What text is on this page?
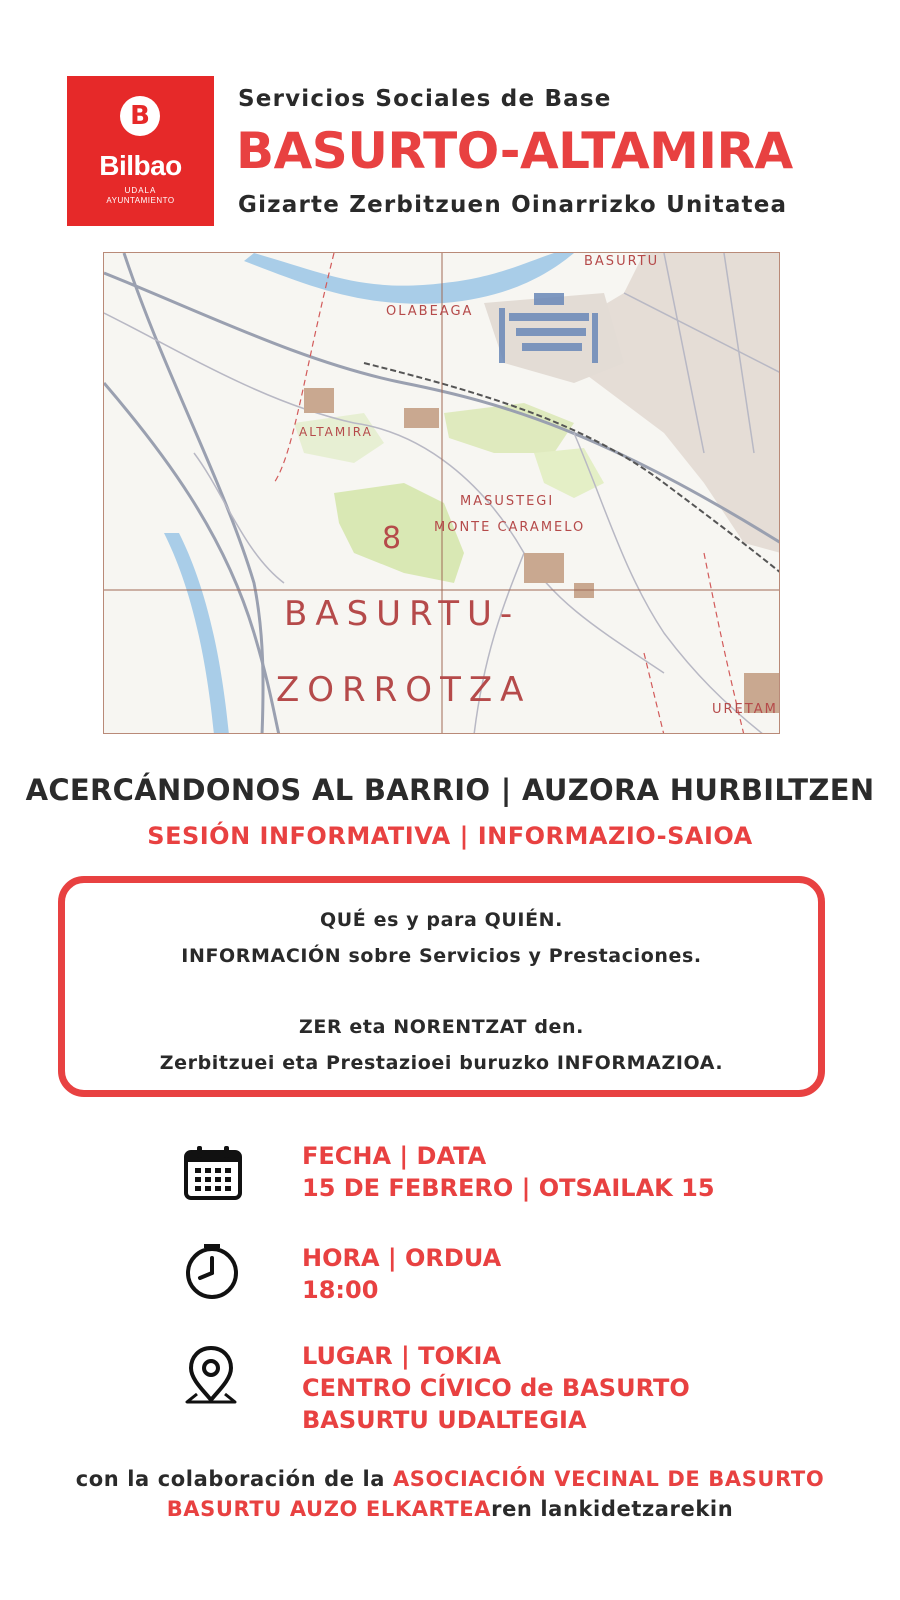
B
Bilbao
UDALA
AYUNTAMIENTO
Servicios Sociales de Base
BASURTO-ALTAMIRA
Gizarte Zerbitzuen Oinarrizko Unitatea
BASURTU
OLABEAGA
ALTAMIRA
MASUSTEGI
MONTE CARAMELO
8
BASURTU-
ZORROTZA	URETAM
ACERCÁNDONOS AL BARRIO | AUZORA HURBILTZEN
SESIÓN INFORMATIVA | INFORMAZIO-SAIOA
QUÉ es y para QUIÉN.
INFORMACIÓN sobre Servicios y Prestaciones.
ZER eta NORENTZAT den.
Zerbitzuei eta Prestazioei buruzko INFORMAZIOA.
FECHA | DATA
15 DE FEBRERO | OTSAILAK 15
HORA | ORDUA
18:00
LUGAR | TOKIA
CENTRO CÍVICO de BASURTO
BASURTU UDALTEGIA
con la colaboración de la ASOCIACIÓN VECINAL DE BASURTO
BASURTU AUZO ELKARTEAren lankidetzarekin
